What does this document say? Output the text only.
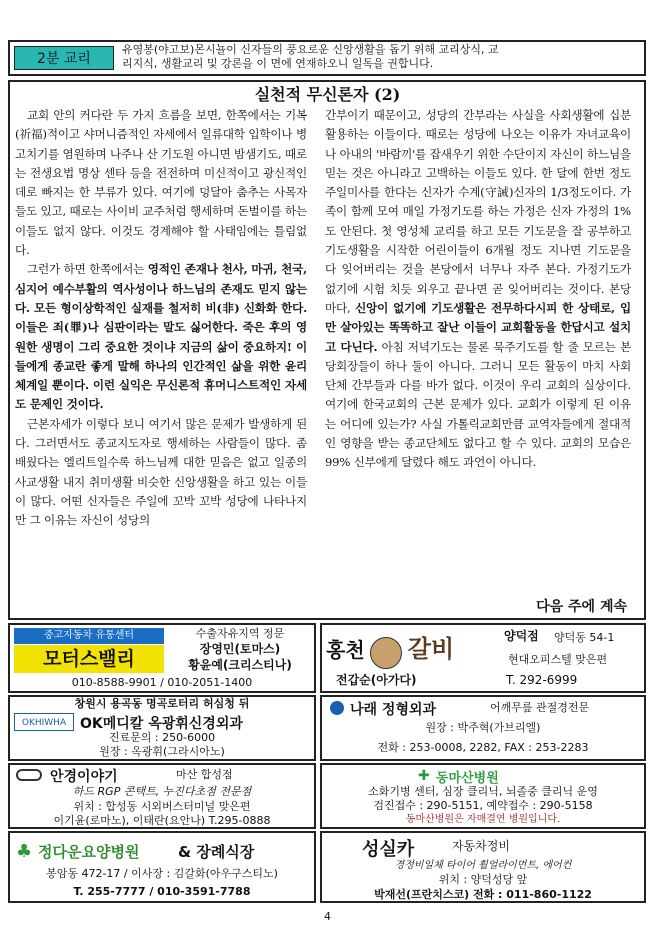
2분 교리
유영봉(야고보)몬시뇰이 신자들의 풍요로운 신앙생활을 돕기 위해 교리상식, 교
리지식, 생활교리 및 강론을 이 면에 연재하오니 일독을 권합니다.
실천적 무신론자 (2)

교회 안의 커다란 두 가지 흐름을 보면, 한쪽에서는 기복(祈福)적이고 샤머니즘적인 자세에서 일류대학 입학이나 병 고치기를 염원하며 나주나 산 기도원 아니면 밤샘기도, 때로는 전생요법 명상 센타 등을 전전하며 미신적이고 광신적인 데로 빠지는 한 부류가 있다. 여기에 덩달아 춤추는 사목자들도 있고, 때로는 사이비 교주처럼 행세하며 돈벌이를 하는 이들도 없지 않다. 이것도 경계해야 할 사태임에는 틀림없다.

그런가 하면 한쪽에서는 영적인 존재나 천사, 마귀, 천국, 심지어 예수부활의 역사성이나 하느님의 존재도 믿지 않는다. 모든 형이상학적인 실재를 철저히 비(非) 신화화 한다. 이들은 죄(罪)나 심판이라는 말도 싫어한다. 죽은 후의 영원한 생명이 그리 중요한 것이냐 지금의 삶이 중요하지! 이들에게 종교란 좋게 말해 하나의 인간적인 삶을 위한 윤리체계일 뿐이다. 이런 실익은 무신론적 휴머니스트적인 자세도 문제인 것이다.

근본자세가 이렇다 보니 여기서 많은 문제가 발생하게 된다. 그러면서도 종교지도자로 행세하는 사람들이 많다. 좀 배웠다는 엘리트일수록 하느님께 대한 믿음은 없고 일종의 사교생활 내지 취미생활 비슷한 신앙생활을 하고 있는 이들이 많다. 어떤 신자들은 주일에 꼬박 꼬박 성당에 나타나지만 그 이유는 자신이 성당의

간부이기 때문이고, 성당의 간부라는 사실을 사회생활에 십분 활용하는 이들이다. 때로는 성당에 나오는 이유가 자녀교육이나 아내의 '바람끼'를 잡새우기 위한 수단이지 자신이 하느님을 믿는 것은 아니라고 고백하는 이들도 있다. 한 달에 한번 정도 주일미사를 한다는 신자가 수계(守誡)신자의 1/3정도이다. 가족이 함께 모여 매일 가정기도를 하는 가정은 신자 가정의 1%도 안된다. 첫 영성체 교리를 하고 모든 기도문을 잘 공부하고 기도생활을 시작한 어린이들이 6개월 정도 지나면 기도문을 다 잊어버리는 것을 본당에서 너무나 자주 본다. 가정기도가 없기에 시험 치듯 외우고 끝나면 곧 잊어버리는 것이다. 본당마다, 신앙이 없기에 기도생활은 전무하다시피 한 상태로, 입만 살아있는 똑똑하고 잘난 이들이 교회활동을 한답시고 설치고 다닌다. 아침 저녁기도는 물론 묵주기도를 할 줄 모르는 본당회장들이 하나 둘이 아니다. 그러니 모든 활동이 마치 사회단체 간부들과 다를 바가 없다. 이것이 우리 교회의 실상이다. 여기에 한국교회의 근본 문제가 있다. 교회가 이렇게 된 이유는 어디에 있는가? 사실 가톨릭교회만큼 교역자들에게 절대적인 영향을 받는 종교단체도 없다고 할 수 있다. 교회의 모습은 99% 신부에게 달렸다 해도 과언이 아니다.

다음 주에 계속
중고자동차 유통센터
모터스밸리
수출자유지역 정문
장영민(토마스)
황윤예(크리스티나)
010-8588-9901 / 010-2051-1400
홍천 갈비	양덕점 양덕동 54-1
현대오피스텔 맞은편
전갑순(아가다)	T. 292-6999
창원시 용곡동 명곡로터리 허심청 뒤
OKHIWHA OK메디칼 옥광휘신경외과
진료문의 : 250-6000
원장 : 옥광휘(그라시아노)
나래 정형외과	어깨무릎 관절경전문
원장 : 박주혁(가브리엘)
전화 : 253-0008, 2282, FAX : 253-2283
안경이야기	마산 합성점
하드 RGP 콘택트, 누진다초점 전문점
위치 : 합성동 시외버스터미널 맞은편
이기윤(로마노), 이태란(요안나) T.295-0888
✚ 동마산병원
소화기병 센터, 심장 클리닉, 뇌졸중 클리닉 운영
검진접수 : 290-5151, 예약접수 : 290-5158
동마산병원은 자매결연 병원입니다.
♣ 정다운요양병원	& 장례식장
봉암동 472-17 / 이사장 : 김갈화(아우구스티노)
T. 255-7777 / 010-3591-7788
성실카	자동차정비
경정비일체 타이어 휠얼라이먼트, 에어컨
위치 : 양덕성당 앞
박재선(프란치스코) 전화 : 011-860-1122
4
